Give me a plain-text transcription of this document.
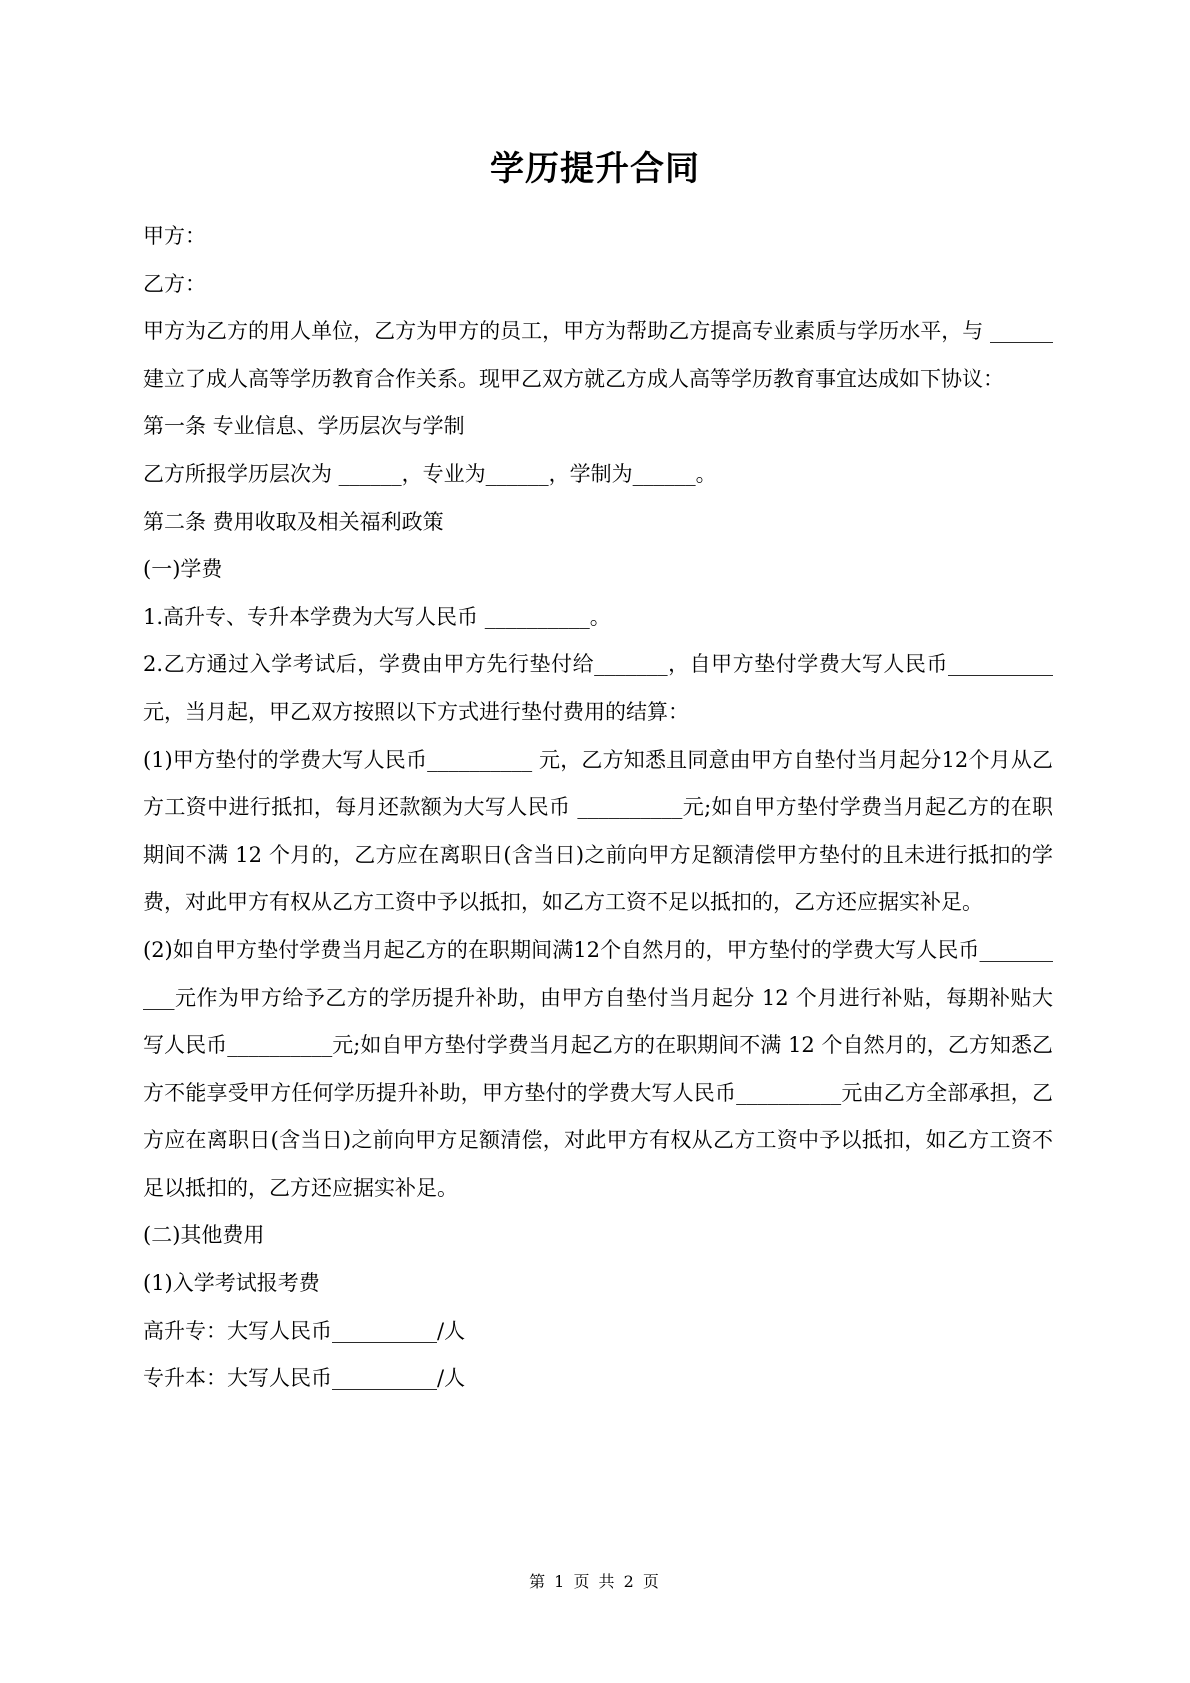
学历提升合同

甲方：

乙方：

甲方为乙方的用人单位，乙方为甲方的员工，甲方为帮助乙方提高专业素质与学历水平，与 ______建立了成人高等学历教育合作关系。现甲乙双方就乙方成人高等学历教育事宜达成如下协议：

第一条 专业信息、学历层次与学制

乙方所报学历层次为 ______，专业为______，学制为______。

第二条 费用收取及相关福利政策

(一)学费

1.高升专、专升本学费为大写人民币 __________。

2.乙方通过入学考试后，学费由甲方先行垫付给_______，自甲方垫付学费大写人民币__________ 元，当月起，甲乙双方按照以下方式进行垫付费用的结算：

(1)甲方垫付的学费大写人民币__________ 元，乙方知悉且同意由甲方自垫付当月起分12个月从乙方工资中进行抵扣，每月还款额为大写人民币 __________元;如自甲方垫付学费当月起乙方的在职期间不满 12 个月的，乙方应在离职日(含当日)之前向甲方足额清偿甲方垫付的且未进行抵扣的学费，对此甲方有权从乙方工资中予以抵扣，如乙方工资不足以抵扣的，乙方还应据实补足。

(2)如自甲方垫付学费当月起乙方的在职期间满12个自然月的，甲方垫付的学费大写人民币__________元作为甲方给予乙方的学历提升补助，由甲方自垫付当月起分 12 个月进行补贴，每期补贴大写人民币__________元;如自甲方垫付学费当月起乙方的在职期间不满 12 个自然月的，乙方知悉乙方不能享受甲方任何学历提升补助，甲方垫付的学费大写人民币__________元由乙方全部承担，乙方应在离职日(含当日)之前向甲方足额清偿，对此甲方有权从乙方工资中予以抵扣，如乙方工资不足以抵扣的，乙方还应据实补足。

(二)其他费用

(1)入学考试报考费

高升专：大写人民币__________/人

专升本：大写人民币__________/人

第 1 页 共 2 页
